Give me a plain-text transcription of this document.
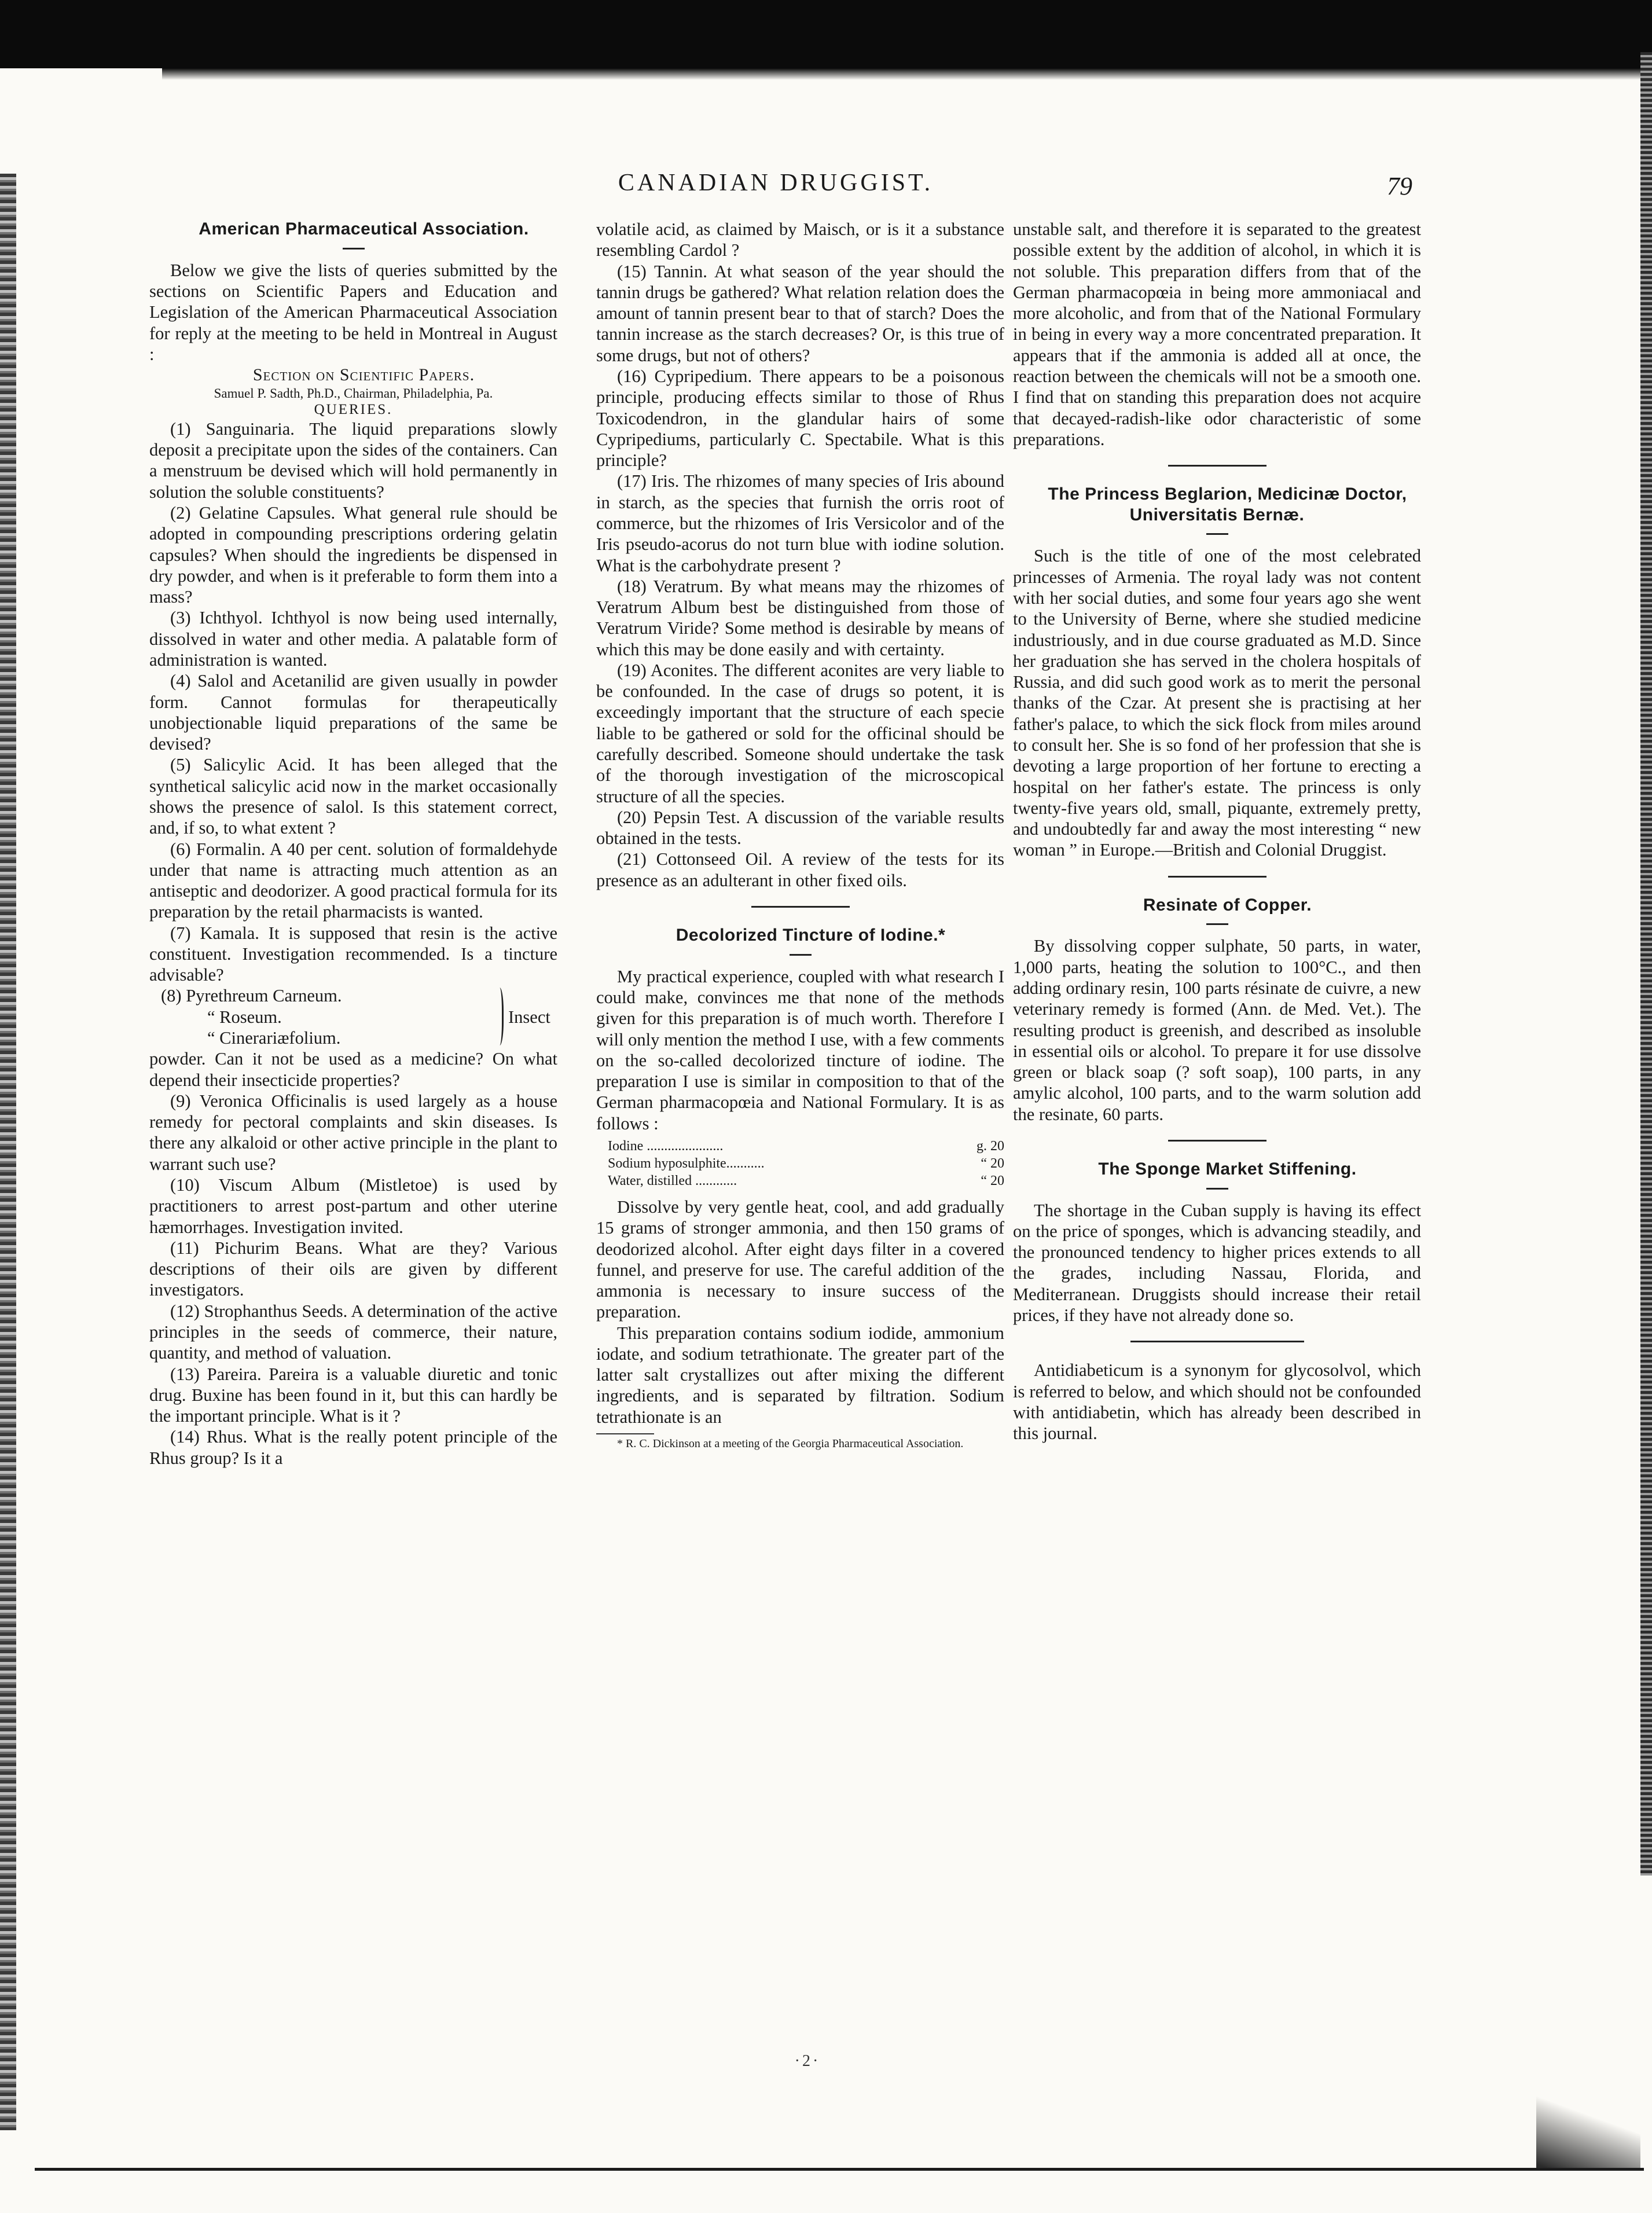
CANADIAN DRUGGIST.	79

American Pharmaceutical Association.

Below we give the lists of queries submitted by the sections on Scientific Papers and Education and Legislation of the American Pharmaceutical Association for reply at the meeting to be held in Montreal in August :

Section on Scientific Papers.

Samuel P. Sadth, Ph.D., Chairman, Philadelphia, Pa.

QUERIES.

(1) Sanguinaria. The liquid preparations slowly deposit a precipitate upon the sides of the containers. Can a menstruum be devised which will hold permanently in solution the soluble constituents?

(2) Gelatine Capsules. What general rule should be adopted in compounding prescriptions ordering gelatin capsules? When should the ingredients be dispensed in dry powder, and when is it preferable to form them into a mass?

(3) Ichthyol. Ichthyol is now being used internally, dissolved in water and other media. A palatable form of administration is wanted.

(4) Salol and Acetanilid are given usually in powder form. Cannot formulas for therapeutically unobjectionable liquid preparations of the same be devised?

(5) Salicylic Acid. It has been alleged that the synthetical salicylic acid now in the market occasionally shows the presence of salol. Is this statement correct, and, if so, to what extent ?

(6) Formalin. A 40 per cent. solution of formaldehyde under that name is attracting much attention as an antiseptic and deodorizer. A good practical formula for its preparation by the retail pharmacists is wanted.

(7) Kamala. It is supposed that resin is the active constituent. Investigation recommended. Is a tincture advisable?

(8) Pyrethreum Carneum.

“ Roseum.

“ Cinerariæfolium.

Insect

powder. Can it not be used as a medicine? On what depend their insecticide properties?

(9) Veronica Officinalis is used largely as a house remedy for pectoral complaints and skin diseases. Is there any alkaloid or other active principle in the plant to warrant such use?

(10) Viscum Album (Mistletoe) is used by practitioners to arrest post-partum and other uterine hæmorrhages. Investigation invited.

(11) Pichurim Beans. What are they? Various descriptions of their oils are given by different investigators.

(12) Strophanthus Seeds. A determination of the active principles in the seeds of commerce, their nature, quantity, and method of valuation.

(13) Pareira. Pareira is a valuable diuretic and tonic drug. Buxine has been found in it, but this can hardly be the important principle. What is it ?

(14) Rhus. What is the really potent principle of the Rhus group? Is it a

volatile acid, as claimed by Maisch, or is it a substance resembling Cardol ?

(15) Tannin. At what season of the year should the tannin drugs be gathered? What relation relation does the amount of tannin present bear to that of starch? Does the tannin increase as the starch decreases? Or, is this true of some drugs, but not of others?

(16) Cypripedium. There appears to be a poisonous principle, producing effects similar to those of Rhus Toxicodendron, in the glandular hairs of some Cypripediums, particularly C. Spectabile. What is this principle?

(17) Iris. The rhizomes of many species of Iris abound in starch, as the species that furnish the orris root of commerce, but the rhizomes of Iris Versicolor and of the Iris pseudo-acorus do not turn blue with iodine solution. What is the carbohydrate present ?

(18) Veratrum. By what means may the rhizomes of Veratrum Album best be distinguished from those of Veratrum Viride? Some method is desirable by means of which this may be done easily and with certainty.

(19) Aconites. The different aconites are very liable to be confounded. In the case of drugs so potent, it is exceedingly important that the structure of each specie liable to be gathered or sold for the officinal should be carefully described. Someone should undertake the task of the thorough investigation of the microscopical structure of all the species.

(20) Pepsin Test. A discussion of the variable results obtained in the tests.

(21) Cottonseed Oil. A review of the tests for its presence as an adulterant in other fixed oils.

Decolorized Tincture of Iodine.*

My practical experience, coupled with what research I could make, convinces me that none of the methods given for this preparation is of much worth. Therefore I will only mention the method I use, with a few comments on the so-called decolorized tincture of iodine. The preparation I use is similar in composition to that of the German pharmacopœia and National Formulary. It is as follows :

Iodine ......................	g. 20
Sodium hyposulphite...........	“ 20
Water, distilled ............	“ 20

Dissolve by very gentle heat, cool, and add gradually 15 grams of stronger ammonia, and then 150 grams of deodorized alcohol. After eight days filter in a covered funnel, and preserve for use. The careful addition of the ammonia is necessary to insure success of the preparation.

This preparation contains sodium iodide, ammonium iodate, and sodium tetrathionate. The greater part of the latter salt crystallizes out after mixing the different ingredients, and is separated by filtration. Sodium tetrathionate is an

* R. C. Dickinson at a meeting of the Georgia Pharmaceutical Association.

unstable salt, and therefore it is separated to the greatest possible extent by the addition of alcohol, in which it is not soluble. This preparation differs from that of the German pharmacopœia in being more ammoniacal and more alcoholic, and from that of the National Formulary in being in every way a more concentrated preparation. It appears that if the ammonia is added all at once, the reaction between the chemicals will not be a smooth one. I find that on standing this preparation does not acquire that decayed-radish-like odor characteristic of some preparations.

The Princess Beglarion, Medicinæ Doctor, Universitatis Bernæ.

Such is the title of one of the most celebrated princesses of Armenia. The royal lady was not content with her social duties, and some four years ago she went to the University of Berne, where she studied medicine industriously, and in due course graduated as M.D. Since her graduation she has served in the cholera hospitals of Russia, and did such good work as to merit the personal thanks of the Czar. At present she is practising at her father's palace, to which the sick flock from miles around to consult her. She is so fond of her profession that she is devoting a large proportion of her fortune to erecting a hospital on her father's estate. The princess is only twenty-five years old, small, piquante, extremely pretty, and undoubtedly far and away the most interesting “ new woman ” in Europe.—British and Colonial Druggist.

Resinate of Copper.

By dissolving copper sulphate, 50 parts, in water, 1,000 parts, heating the solution to 100°C., and then adding ordinary resin, 100 parts résinate de cuivre, a new veterinary remedy is formed (Ann. de Med. Vet.). The resulting product is greenish, and described as insoluble in essential oils or alcohol. To prepare it for use dissolve green or black soap (? soft soap), 100 parts, in any amylic alcohol, 100 parts, and to the warm solution add the resinate, 60 parts.

The Sponge Market Stiffening.

The shortage in the Cuban supply is having its effect on the price of sponges, which is advancing steadily, and the pronounced tendency to higher prices extends to all the grades, including Nassau, Florida, and Mediterranean. Druggists should increase their retail prices, if they have not already done so.

Antidiabeticum is a synonym for glycosolvol, which is referred to below, and which should not be confounded with antidiabetin, which has already been described in this journal.

·2·
